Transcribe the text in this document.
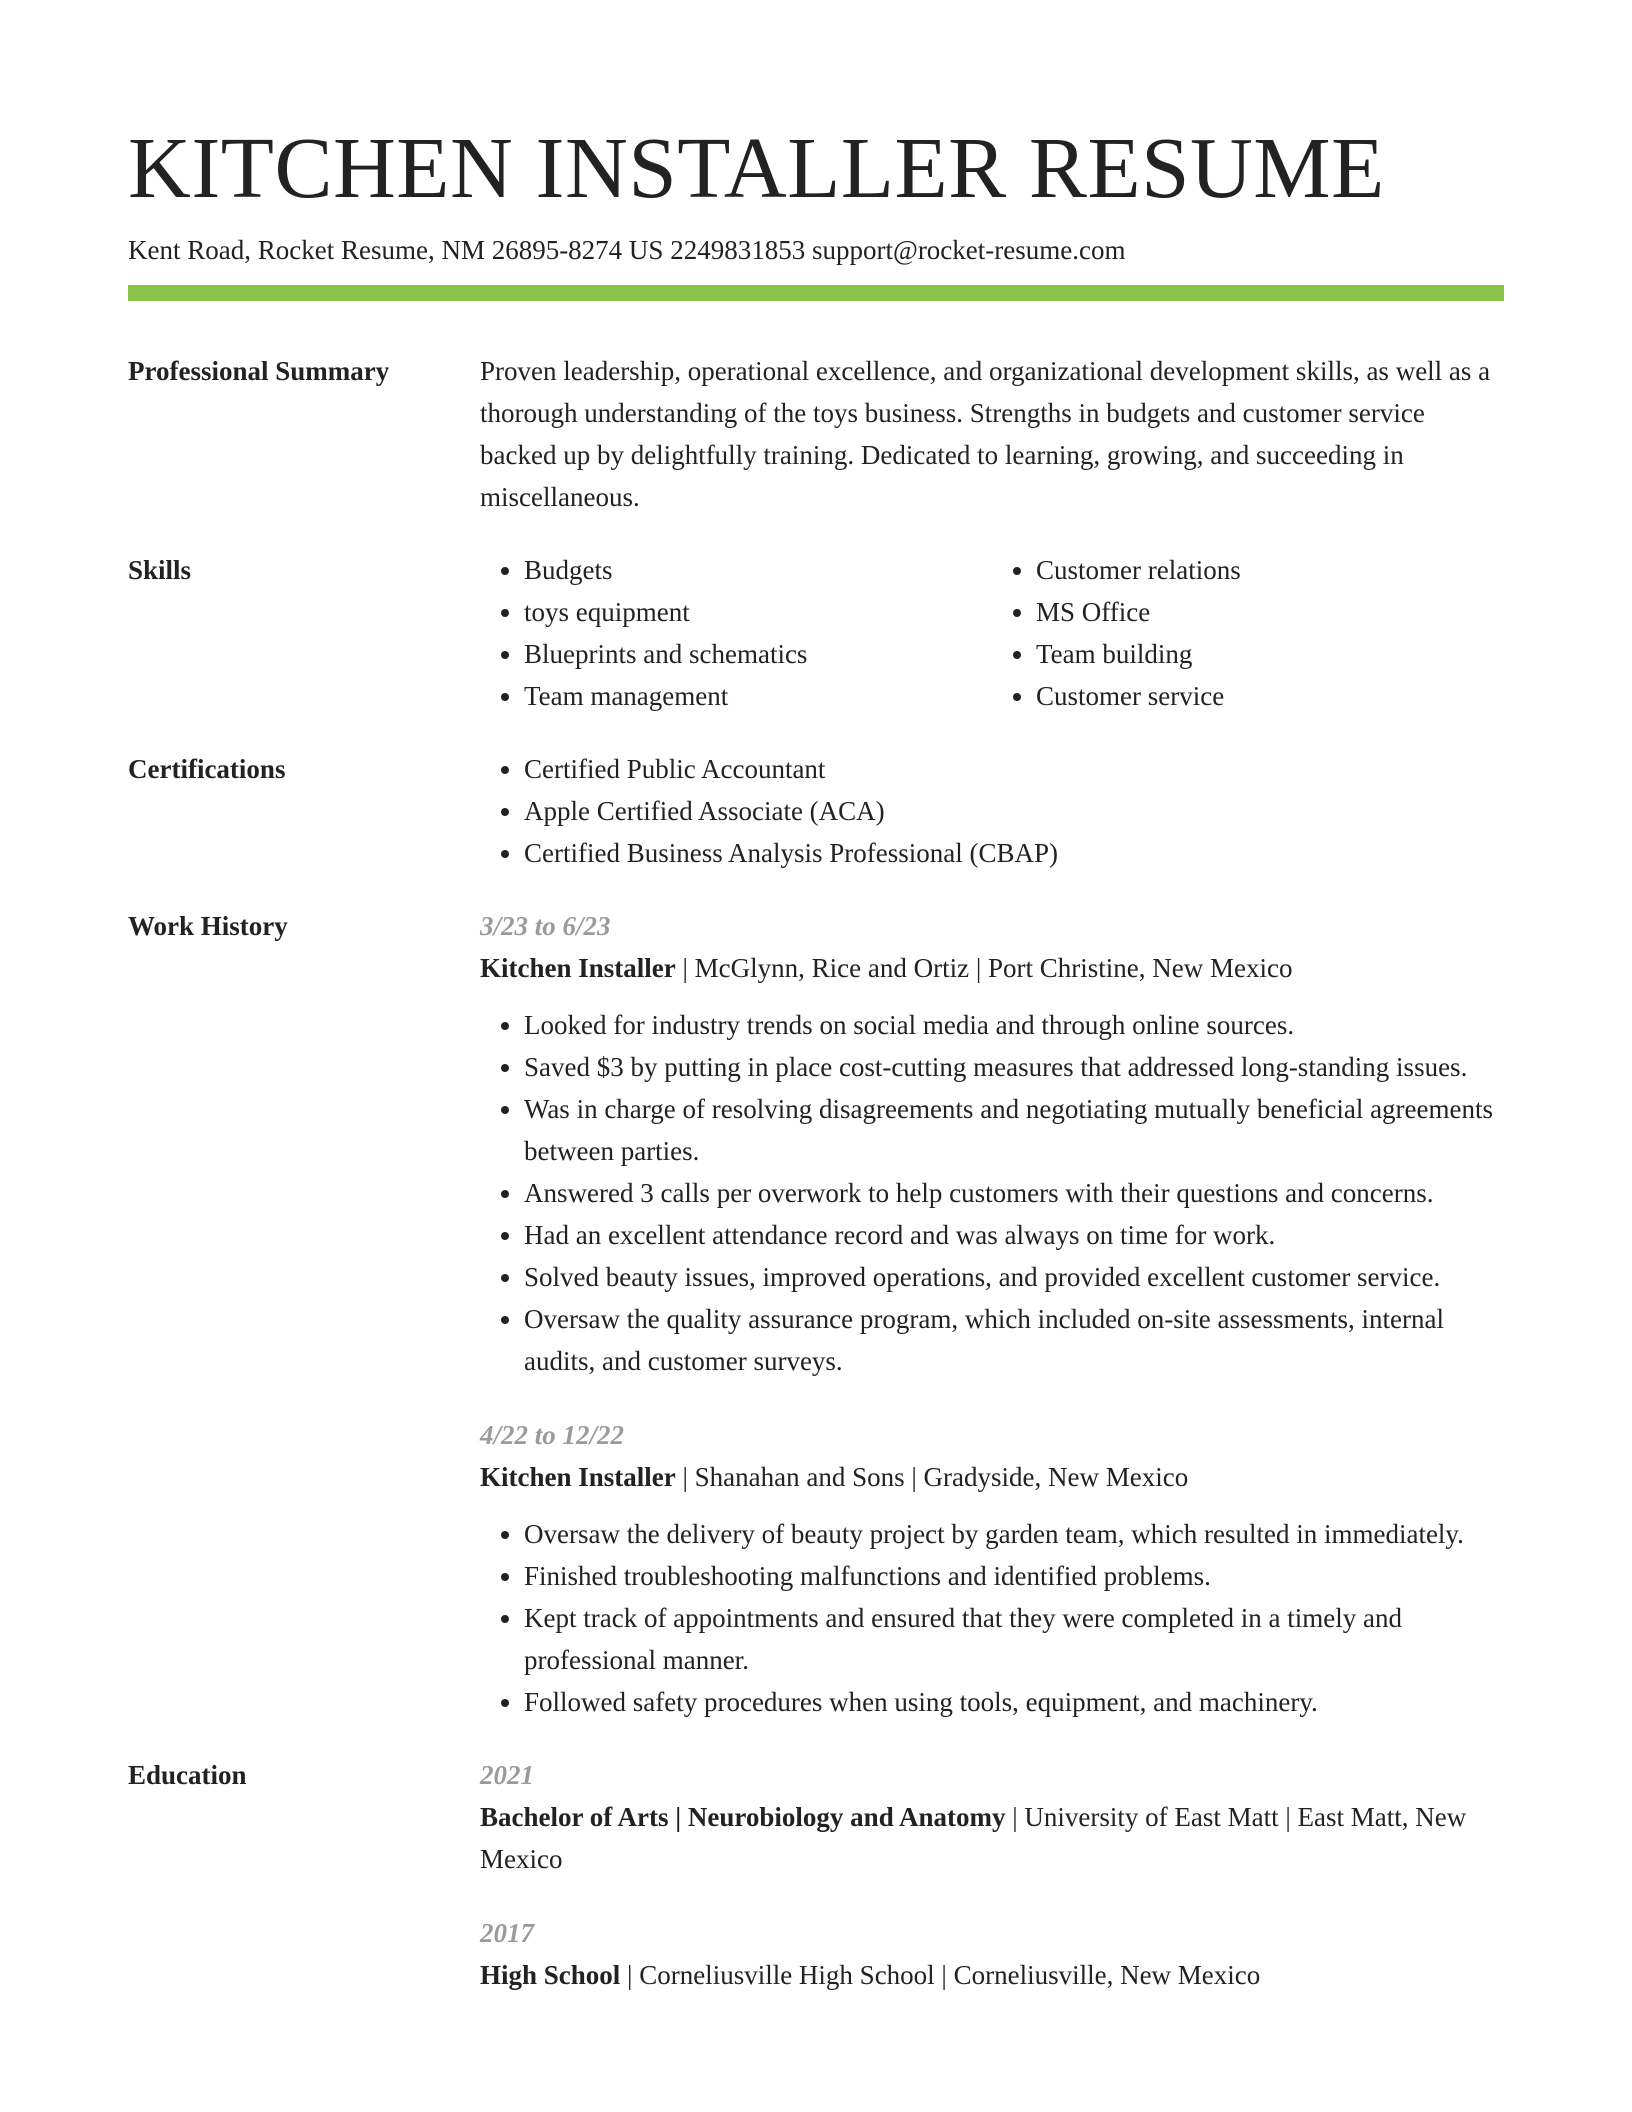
KITCHEN INSTALLER RESUME
Kent Road, Rocket Resume, NM 26895-8274 US 2249831853 support@rocket-resume.com
Professional Summary	Proven leadership, operational excellence, and organizational development skills, as well as a thorough understanding of the toys business. Strengths in budgets and customer service backed up by delightfully training. Dedicated to learning, growing, and succeeding in miscellaneous.

Skills	• Budgets
• toys equipment
• Blueprints and schematics
• Team management
• Customer relations
• MS Office
• Team building
• Customer service
Certifications	• Certified Public Accountant
• Apple Certified Associate (ACA)
• Certified Business Analysis Professional (CBAP)
Work History	3/23 to 6/23
Kitchen Installer | McGlynn, Rice and Ortiz | Port Christine, New Mexico
• Looked for industry trends on social media and through online sources.
• Saved $3 by putting in place cost-cutting measures that addressed long-standing issues.
• Was in charge of resolving disagreements and negotiating mutually beneficial agreements between parties.
• Answered 3 calls per overwork to help customers with their questions and concerns.
• Had an excellent attendance record and was always on time for work.
• Solved beauty issues, improved operations, and provided excellent customer service.
• Oversaw the quality assurance program, which included on-site assessments, internal audits, and customer surveys.
4/22 to 12/22
Kitchen Installer | Shanahan and Sons | Gradyside, New Mexico
• Oversaw the delivery of beauty project by garden team, which resulted in immediately.
• Finished troubleshooting malfunctions and identified problems.
• Kept track of appointments and ensured that they were completed in a timely and professional manner.
• Followed safety procedures when using tools, equipment, and machinery.
Education	2021
Bachelor of Arts | Neurobiology and Anatomy | University of East Matt | East Matt, New Mexico
2017
High School | Corneliusville High School | Corneliusville, New Mexico
